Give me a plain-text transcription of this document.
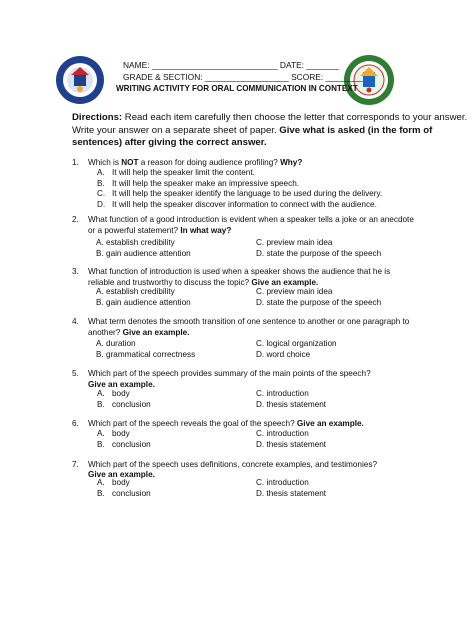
NAME: ___________________________ DATE: _______
GRADE & SECTION: __________________ SCORE: ________
WRITING ACTIVITY FOR ORAL COMMUNICATION IN CONTEXT
Directions: Read each item carefully then choose the letter that corresponds to your answer.
Write your answer on a separate sheet of paper. Give what is asked (in the form of
sentences) after giving the correct answer.
1. Which is NOT a reason for doing audience profiling? Why?
A. It will help the speaker limit the content.
B. It will help the speaker make an impressive speech.
C. It will help the speaker identify the language to be used during the delivery.
D. It will help the speaker discover information to connect with the audience.
2. What function of a good introduction is evident when a speaker tells a joke or an anecdote
or a powerful statement? In what way?
A. establish credibility
B. gain audience attention
C. preview main idea
D. state the purpose of the speech
3. What function of introduction is used when a speaker shows the audience that he is
reliable and trustworthy to discuss the topic? Give an example.
A. establish credibility
B. gain audience attention
C. preview main idea
D. state the purpose of the speech
4. What term denotes the smooth transition of one sentence to another or one paragraph to
another? Give an example.
A. duration
B. grammatical correctness
C. logical organization
D. word choice
5. Which part of the speech provides summary of the main points of the speech?
Give an example.
A. body
B. conclusion
C. introduction
D. thesis statement
6. Which part of the speech reveals the goal of the speech? Give an example.
A. body
B. conclusion
C. introduction
D. thesis statement
7. Which part of the speech uses definitions, concrete examples, and testimonies?
Give an example.
A. body
B. conclusion
C. introduction
D. thesis statement
